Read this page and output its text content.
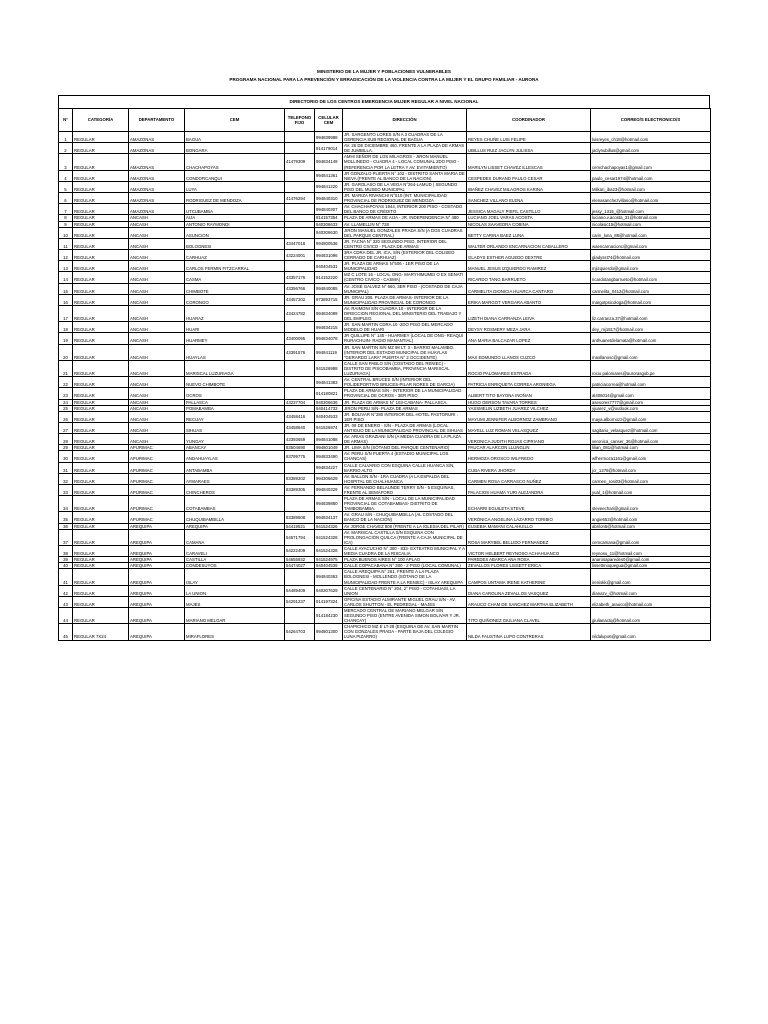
MINISTERIO DE LA MUJER Y POBLACIONES VULNERABLES
PROGRAMA NACIONAL PARA LA PREVENCIÓN Y ERRADICACIÓN DE LA VIOLENCIA CONTRA LA MUJER Y EL GRUPO FAMILIAR - AURORA
DIRECTORIO DE LOS CENTROS EMERGENCIA MUJER REGULAR A NIVEL NACIONAL
N°	CATEGORÍA	DEPARTAMENTO	CEM	TELEFONO FIJO	CELULAR CEM	DIRECCIÓN	COORDINADOR	CORREO/S ELECTRONICO/S
1	REGULAR	AMAZONAS	BAGUA		994839988	JR. SARGENTO LORES S/N A 3 CUADRAS DE LA GERENCIA SUB REGIONAL DE BAGUA	REYES CHUÑE LUIS FELIPE	luisreyes_ch18@hotmail.com
2	REGULAR	AMAZONAS	BONGARA		914179014	AV. 26 DE DICIEMBRE 460. FRENTE A LA PLAZA DE ARMAS DE JUMBILLA.	UBILLUS RUIZ JACLYN JULISSA	jaclynubillus@gmail.com
3	REGULAR	AMAZONAS	CHACHAPOYAS	41479309	994834149	AMHI SEÑOR DE LOS MILAGROS - JIRON MANUEL MOLLINEDO - CUADRA 4 - LOCAL COMUNAL 2DO PISO - (REFERENCIA POR LA LETRA Y AV. EVITAMIENTO)	MARILYN LISSET CHAVEZ ILLESCAS	cemchachapoyas1@gmail.com
4	REGULAR	AMAZONAS	CONDORCANQUI		994841361	JR GONZALO PLIERTA N° 102 - DISTRITO SANTA MARIA DE NIEVA (FRENTE AL BANCO DE LA NACION)	CESPEDES DURAND PAULO CESAR	paulo_cesar1974@hotmail.com
5	REGULAR	AMAZONAS	LUYA		994841220	JR. GAROLASO DE LA VEGA N°264-LAMUD ( SEGUNDO PISO DEL MUSEO MUNICIPAL	IBAÑEZ CHAVEZ MILAGROS KARINA	Milkari_iba23@hotmail.com
6	REGULAR	AMAZONAS	RODRIGUEZ DE MENDOZA	41476294	994840310	JR. MARIZA RIVANCHI N°510 (INT. MUNICIPALIDAD PROVINCIAL DE RODRIGUEZ DE MENDOZA	SANCHEZ VILLANO ELENA	elenasanchezvillano@hotmail.com
7	REGULAR	AMAZONAS	UTCUBAMBA		994840307	AV. CHACHAPOYAS 1944, INTERIOR 200 PISO - COSTADO DEL BANCO DE CRÉDITO	JESSICA MAGALY PISFIL CASTILLO	jessy_1315_@hotmail.com
8	REGULAR	ANCASH	AIJA		914157354	PLAZA DE ARMAS DE AIJA - JR. INDEPENDENCIA N° 480	LUCIANO JOEL VARAS ACOSTA	luciano.v.acosta_31@hotmail.com
9	REGULAR	ANCASH	ANTONIO RAYMONDI		940306633	AV. LLAMELLIN N° 728	NICOLAS SAAVEDRA COBINA	nicolasic15@hotmail.com
10	REGULAR	ANCASH	ASUNCION		940306630	JIRON MANUEL GONZALES PRADA S/N (A DOS CUADRAS DEL PARQUE CENTRAL)	BETTY CARINA BAEZ LUNA	carin_luna_88@hotmail.com
11	REGULAR	ANCASH	BOLOGNESI	43447018	994800536	JR. TACNA N° 320 SEGUNDO PISO, INTERIOR DEL CENTRO CIVICO - PLAZA DE ARMAS	WALTER ORLANDO ENCARNACION CABALLERO	waencarnacionc@gmail.com
12	REGULAR	ANCASH	CARHUAZ	43224001	994831096	3RA CDRA DEL JR. ICA, S/N (EXTERIOR DEL COLISEO CERRADO DE CARHUAZ)	GLADYS ESTHER AGUEDO DEXTRE	gladysst74@hotmail.com
13	REGULAR	ANCASH	CARLOS FERMIN FITZCARRAL		940404531	JR. PLAZA DE ARMAS N°506 - 1ER PISO DE LA MUNICIPALIDAD	MANUEL JESUS IZQUIERDO RAMIREZ	mjizquierdo@gmail.com
14	REGULAR	ANCASH	CASMA	43357176	914152220	MZ C LOTE 16 - LOCAL ONG- MARYHIMUMEI O EX SENATI (CENTRO CIVICO - CASMA)	RICARDO TANG BARRUETO	ricardotangbarrueto@hotmail.com
15	REGULAR	ANCASH	CHIMBOTE	43356766	994840085	AV. JOSÉ GALVEZ N° 660, 3ER PISO - (COSTADO DE CAJA MUNICIPAL)	CARMELITA DIONICIA HUARCA CANTARO	carmelita_0412@hotmail.com
16	REGULAR	ANCASH	CORONGO	43457202	973893715	JR. GRAU 206. PLAZA DE ARMAS- INTERIOR DE LA MUNICIPALIDAD PROVINCIAL DE CORONGO	ERIKA MARGOT VERGARA ABANTO	margotpsicologa@hotmail.com
17	REGULAR	ANCASH	HUARAZ	43424782	994834089	AV. RAIMONI S/N CUADRA 10 - INTERIOR DE LA DIRECCION REGIONAL DEL MINISTERIO DEL TRABAJO Y DEL EMPLEO.	LIZETH DIANA CARRANZA LEIVA	liz.carranza.37@hotmail.com
18	REGULAR	ANCASH	HUARI		994834215	JR. SAN MARTIN CDRA.10 -2DO PISO DEL MERCADO MODELO DE HUARI	DEYSY ROSMERY MEZA JARA	dey_mj1817@hotmail.com
19	REGULAR	ANCASH	HUARMEY	43400095	994834078	JR QUILLIPE N° 145 - HUARMEY (LOCAL DE ONG- REAQUI RURACHUIN- RADIO MANANTIAL)	ANA MARIA BALCAZAR LOPEZ	anthuanetdelamata@hotmail.com
20	REGULAR	ANCASH	HUAYLAS	43391576	994841119	JR. SAN MARTIN S/N MZ 98 LT. 3 - BARRIO MALAMBO. (INTERIOR DEL ESTADIO MUNICIPAL DE HUAYLAS "GERARDO LARA" PUERTA N° 2 OCCIDENTE)	MAX EDMUNDO LLANOS CUZCO	maxllanosc@gmail.com
21	REGULAR	ANCASH	MARISCAL LUZURIAGA		941526988	CALLE SAN PABLO S/N (COSTADO DEL RENIEC) - DISTRITO DE PISCOBAMBA, PROVINCIA MARISCAL LUZURIAGA)	ROCIO PALOMARES ESTRADA	rocio.palomares@aurorasgob.pe
22	REGULAR	ANCASH	NUEVO CHIMBOTE		994841383	AV. CENTRAL BRUCES S/N (INTERIOR DEL POLIDEPORTIVO BRUCES-PILAR NORES DE GARCIA)	PATRICIA ENRIQUETA CORREA ARONIEGA	patriciacorrea@hotmail.com
23	REGULAR	ANCASH	OCROS		914180821	PLAZA DE ARMAS S/N - INTERIOR DE LA MUNICIPALIDAD PROVINCIAL DE OCROS - 3ER PISO	ALBERT TITO BAYONA INOÑAN	al406014@gmail.com
24	REGULAR	ANCASH	PALLASCA	43237704	940306636	JR. PLAZA DE ARMAS N° 103-CABANA- PALLASCA.	HUGO GERSON TAVARA TORRES	asesores7777@gmail.com
25	REGULAR	ANCASH	POMABAMBA		940414733	JIRON PERU S/N- PLAZA DE ARMAS	YASSMELIN LIZBETH JUAREZ VILCHEZ	yjuarez_v@outlook.com
26	REGULAR	ANCASH	RECUAY	43458416	940404533	JR. BOLIVAR N°280 INTERIOR DEL HOTEL PASTORURI . 1ER PISO	MAYUMI JENNIFER ALBORNOZ ZAMBRANO	maya.albornozz@gmail.com
27	REGULAR	ANCASH	SIHUAS	43458640	941526974	JR. 09 DE ENERO - S/N - PLAZA DE ARMAS (LOCAL ANTIGUO DE LA MUNICIPALIDAD PROVINCIAL DE SIHUAS	MAYELL LUZ ROMAN VELASQUEZ	sagitario_velasquez@hotmail.com
28	REGULAR	ANCASH	YUNGAY	43393659	994841088	AV. ARIAS GRAZIANI S/N (A MEDIA CUADRA DE LA PLAZA DE ARMAS)	VERONICA JUDITH ROJAS CIPRIANO	veronica_canser_36@hotmail.com
29	REGULAR	APURIMAC	ABANCAY	83504690	994801049	JR. LIMA S/N (SÓTANO DEL PARQUE CENTENARIO)	PAUCAR ALARCON LLUNGLIN	lilian_081@hotmail.com
30	REGULAR	APURIMAC	ANDAHUAYLAS	83799775	994833490	AV. PERU S/N PUERTA 4 (ESTADIO MUNICIPAL LOS CHANCAS)	HERMOZA OROSCO WILFREDO	wfhermoza1161@gmail.com
31	REGULAR	APURIMAC	ANTABAMBA		994834227	CALLE CALVARIO CON ESQUINA CALLE HUANCA S/N, BARRIO ALTO	CUBA RIVERA JHORDY	jcr_1278@hotmail.com
32	REGULAR	APURIMAC	AYMARAES	83389202	994306629	AV. BALLON S/N - 1RA CUADRA (A LA ESPALDA DEL HOSPITAL DE CHALHUANCA	CARMEN ROSA CARRASCO NUÑEZ	carmen_rosi03@hotmail.com
33	REGULAR	APURIMAC	CHINCHEROS	83389305	994840329	AV. FERNANDO BELAUNDE TERRY S/N - 5 ESQUINAS, FRENTE AL SEMÁFORO	PALACIOS HUAMA YURI ALEJANDRA	yual_1@hotmail.com
34	REGULAR	APURIMAC	COTABAMBAS		994839880	PLAZA DE ARMAS S/N - LOCAL DE LA MUNICIPALIDAD PROVINCIAL DE COTABAMBAS- DISTRITO DE TAMBOBAMBA.	ECHARRI EGUILETA STEVE	steveechari@gmail.com
35	REGULAR	APURIMAC	CHUQUIBAMBILLA	83389508	994834137	AV. GRAU S/N - CHUQUIBAMBILLA (AL COSTADO DEL BANCO DE LA NACIÓN)	VERÓNICA ANGELINA LÁZARRO TORIBIO	angie653@hotmail.com
36	REGULAR	AREQUIPA	AREQUIPA	54419521	941524326	AV JORGE CHAVEZ 808 (FRENTE A LA IGLESIA DEL PILAR)	EUSEBIA MAMANI CALAHUILLO	abrilon5@hotmail.com
37	REGULAR	AREQUIPA	CAMANA	54571794	941524328	AV. MARISCAL CASTILLA S/N ESQUINA CON PROLONGACIÓN QUILCA (FRENTE A CAJA MUNICIPAL DE ICA)	ROSA MARYBEL BELLIDO FERNANDEZ	cemcamana@gmail.com
38	REGULAR	AREQUIPA	CARAVELI	54222409	941524328	CALLE AYACUCHO N° 300 - 833- EXTEATRO MUNICIPAL Y A MEDIA CUADRA DE LA RISCALIA	VICTOR HELBERT REYNOSO ACHAHUANCO	reynoso_11@hotmail.com
39	REGULAR	AREQUIPA	CASTILLA	54655932	941524975	PLAZA BUENOS AIRES N° 100 APLAO	PAREDES ABARCA ANA ROSA	anarosaparedes0@gmail.com
40	REGULAR	AREQUIPA	CONDESUYOS	54474027	940404539	CALLE COPACABANA N° 300 - 2 PISO (LOCAL COMUNAL)	ZEVALLOS FLORES LISSETT ERICA	lissettmoquegua@gmail.com
41	REGULAR	AREQUIPA	ISLAY		994840363	CALLE AREQUIPA N° 261. FRENTE A LA PLAZA BOLOGNESI - MOLLENDO (SÓTANO DE LA MUNICIPALIDAD FRENTE A LA RENIEC) - ISLAY AREQUIPA	CAMPOS UNTAMA IRENE KATHERINE	ireniskk@gmail.com
42	REGULAR	AREQUIPA	LA UNION	54489409	940307629	CALLE CENTENARIO N° 204, 2° PISO - COTAHUASI, LA UNION	DIANA CAROLINA ZEVALLOS VASQUEZ	dianazv_@hotmail.com
43	REGULAR	AREQUIPA	MAJES	54291237	914197324	OFICINA ESTADIO ALMIRANTE MIGUEL GRAU S/N - AV. CARLOS SHUTTON - EL PEDREGAL - MAJES	ARAUCO CHAM DE SANCHEZ MARTHA ELIZABETH	elizabeth_arauco@hotmail.com
44	REGULAR	AREQUIPA	MARIANO MELGAR		914184230	MERCADO CENTRAL DE MARIANO MELGAR S/N SEGUNDO PISO (ENTRE AVENIDA SIMON BOLIVAR Y JR. CHANCAY)	TITO QUIÑONEZ GIULIANA CLAVEL	giulianactq@hotmail.com
45	REGULAR 7X24	AREQUIPA	MIRAFLORES	54264703	994801300	CHAPICHICO MZ E LT-28 (ESQUINA DE AV. SAN MARTIN CON GONZALES PRADA - PARTE BAJA DEL COLEGIO LUNA PIZARRO)	NILDA FAUSTINA LUPO CONTRERAS	nildalupo6@gmail.com
